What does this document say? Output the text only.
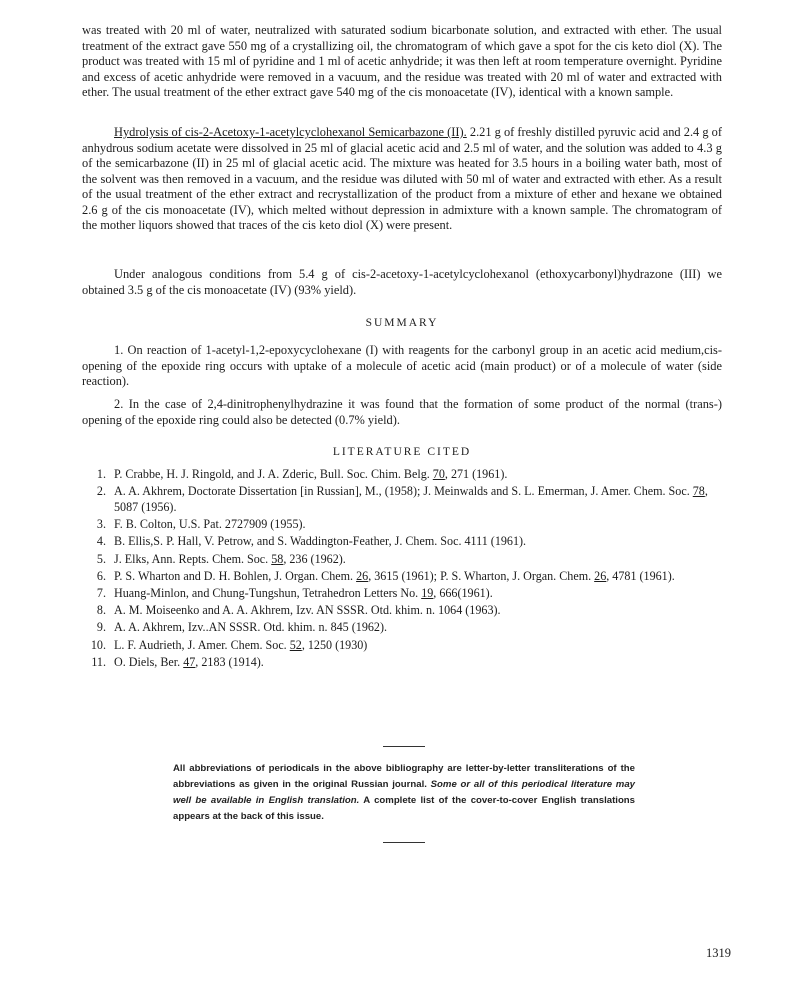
was treated with 20 ml of water, neutralized with saturated sodium bicarbonate solution, and extracted with ether. The usual treatment of the extract gave 550 mg of a crystallizing oil, the chromatogram of which gave a spot for the cis keto diol (X). The product was treated with 15 ml of pyridine and 1 ml of acetic anhydride; it was then left at room temperature overnight. Pyridine and excess of acetic anhydride were removed in a vacuum, and the residue was treated with 20 ml of water and extracted with ether. The usual treatment of the ether extract gave 540 mg of the cis monoacetate (IV), identical with a known sample.

Hydrolysis of cis-2-Acetoxy-1-acetylcyclohexanol Semicarbazone (II). 2.21 g of freshly distilled pyruvic acid and 2.4 g of anhydrous sodium acetate were dissolved in 25 ml of glacial acetic acid and 2.5 ml of water, and the solution was added to 4.3 g of the semicarbazone (II) in 25 ml of glacial acetic acid. The mixture was heated for 3.5 hours in a boiling water bath, most of the solvent was then removed in a vacuum, and the residue was diluted with 50 ml of water and extracted with ether. As a result of the usual treatment of the ether extract and recrystallization of the product from a mixture of ether and hexane we obtained 2.6 g of the cis monoacetate (IV), which melted without depression in admixture with a known sample. The chromatogram of the mother liquors showed that traces of the cis keto diol (X) were present.

Under analogous conditions from 5.4 g of cis-2-acetoxy-1-acetylcyclohexanol (ethoxycarbonyl)hydrazone (III) we obtained 3.5 g of the cis monoacetate (IV) (93% yield).

SUMMARY

1. On reaction of 1-acetyl-1,2-epoxycyclohexane (I) with reagents for the carbonyl group in an acetic acid medium,cis-opening of the epoxide ring occurs with uptake of a molecule of acetic acid (main product) or of a molecule of water (side reaction).

2. In the case of 2,4-dinitrophenylhydrazine it was found that the formation of some product of the normal (trans-) opening of the epoxide ring could also be detected (0.7% yield).

LITERATURE CITED

1. P. Crabbe, H. J. Ringold, and J. A. Zderic, Bull. Soc. Chim. Belg. 70, 271 (1961).
2. A. A. Akhrem, Doctorate Dissertation [in Russian], M., (1958); J. Meinwalds and S. L. Emerman, J. Amer. Chem. Soc. 78, 5087 (1956).
3. F. B. Colton, U.S. Pat. 2727909 (1955).
4. B. Ellis,S. P. Hall, V. Petrow, and S. Waddington-Feather, J. Chem. Soc. 4111 (1961).
5. J. Elks, Ann. Repts. Chem. Soc. 58, 236 (1962).
6. P. S. Wharton and D. H. Bohlen, J. Organ. Chem. 26, 3615 (1961); P. S. Wharton, J. Organ. Chem. 26, 4781 (1961).
7. Huang-Minlon, and Chung-Tungshun, Tetrahedron Letters No. 19, 666(1961).
8. A. M. Moiseenko and A. A. Akhrem, Izv. AN SSSR. Otd. khim. n. 1064 (1963).
9. A. A. Akhrem, Izv..AN SSSR. Otd. khim. n. 845 (1962).
10. L. F. Audrieth, J. Amer. Chem. Soc. 52, 1250 (1930)
11. O. Diels, Ber. 47, 2183 (1914).

All abbreviations of periodicals in the above bibliography are letter-by-letter transliterations of the abbreviations as given in the original Russian journal. Some or all of this periodical literature may well be available in English translation. A complete list of the cover-to-cover English translations appears at the back of this issue.

1319
